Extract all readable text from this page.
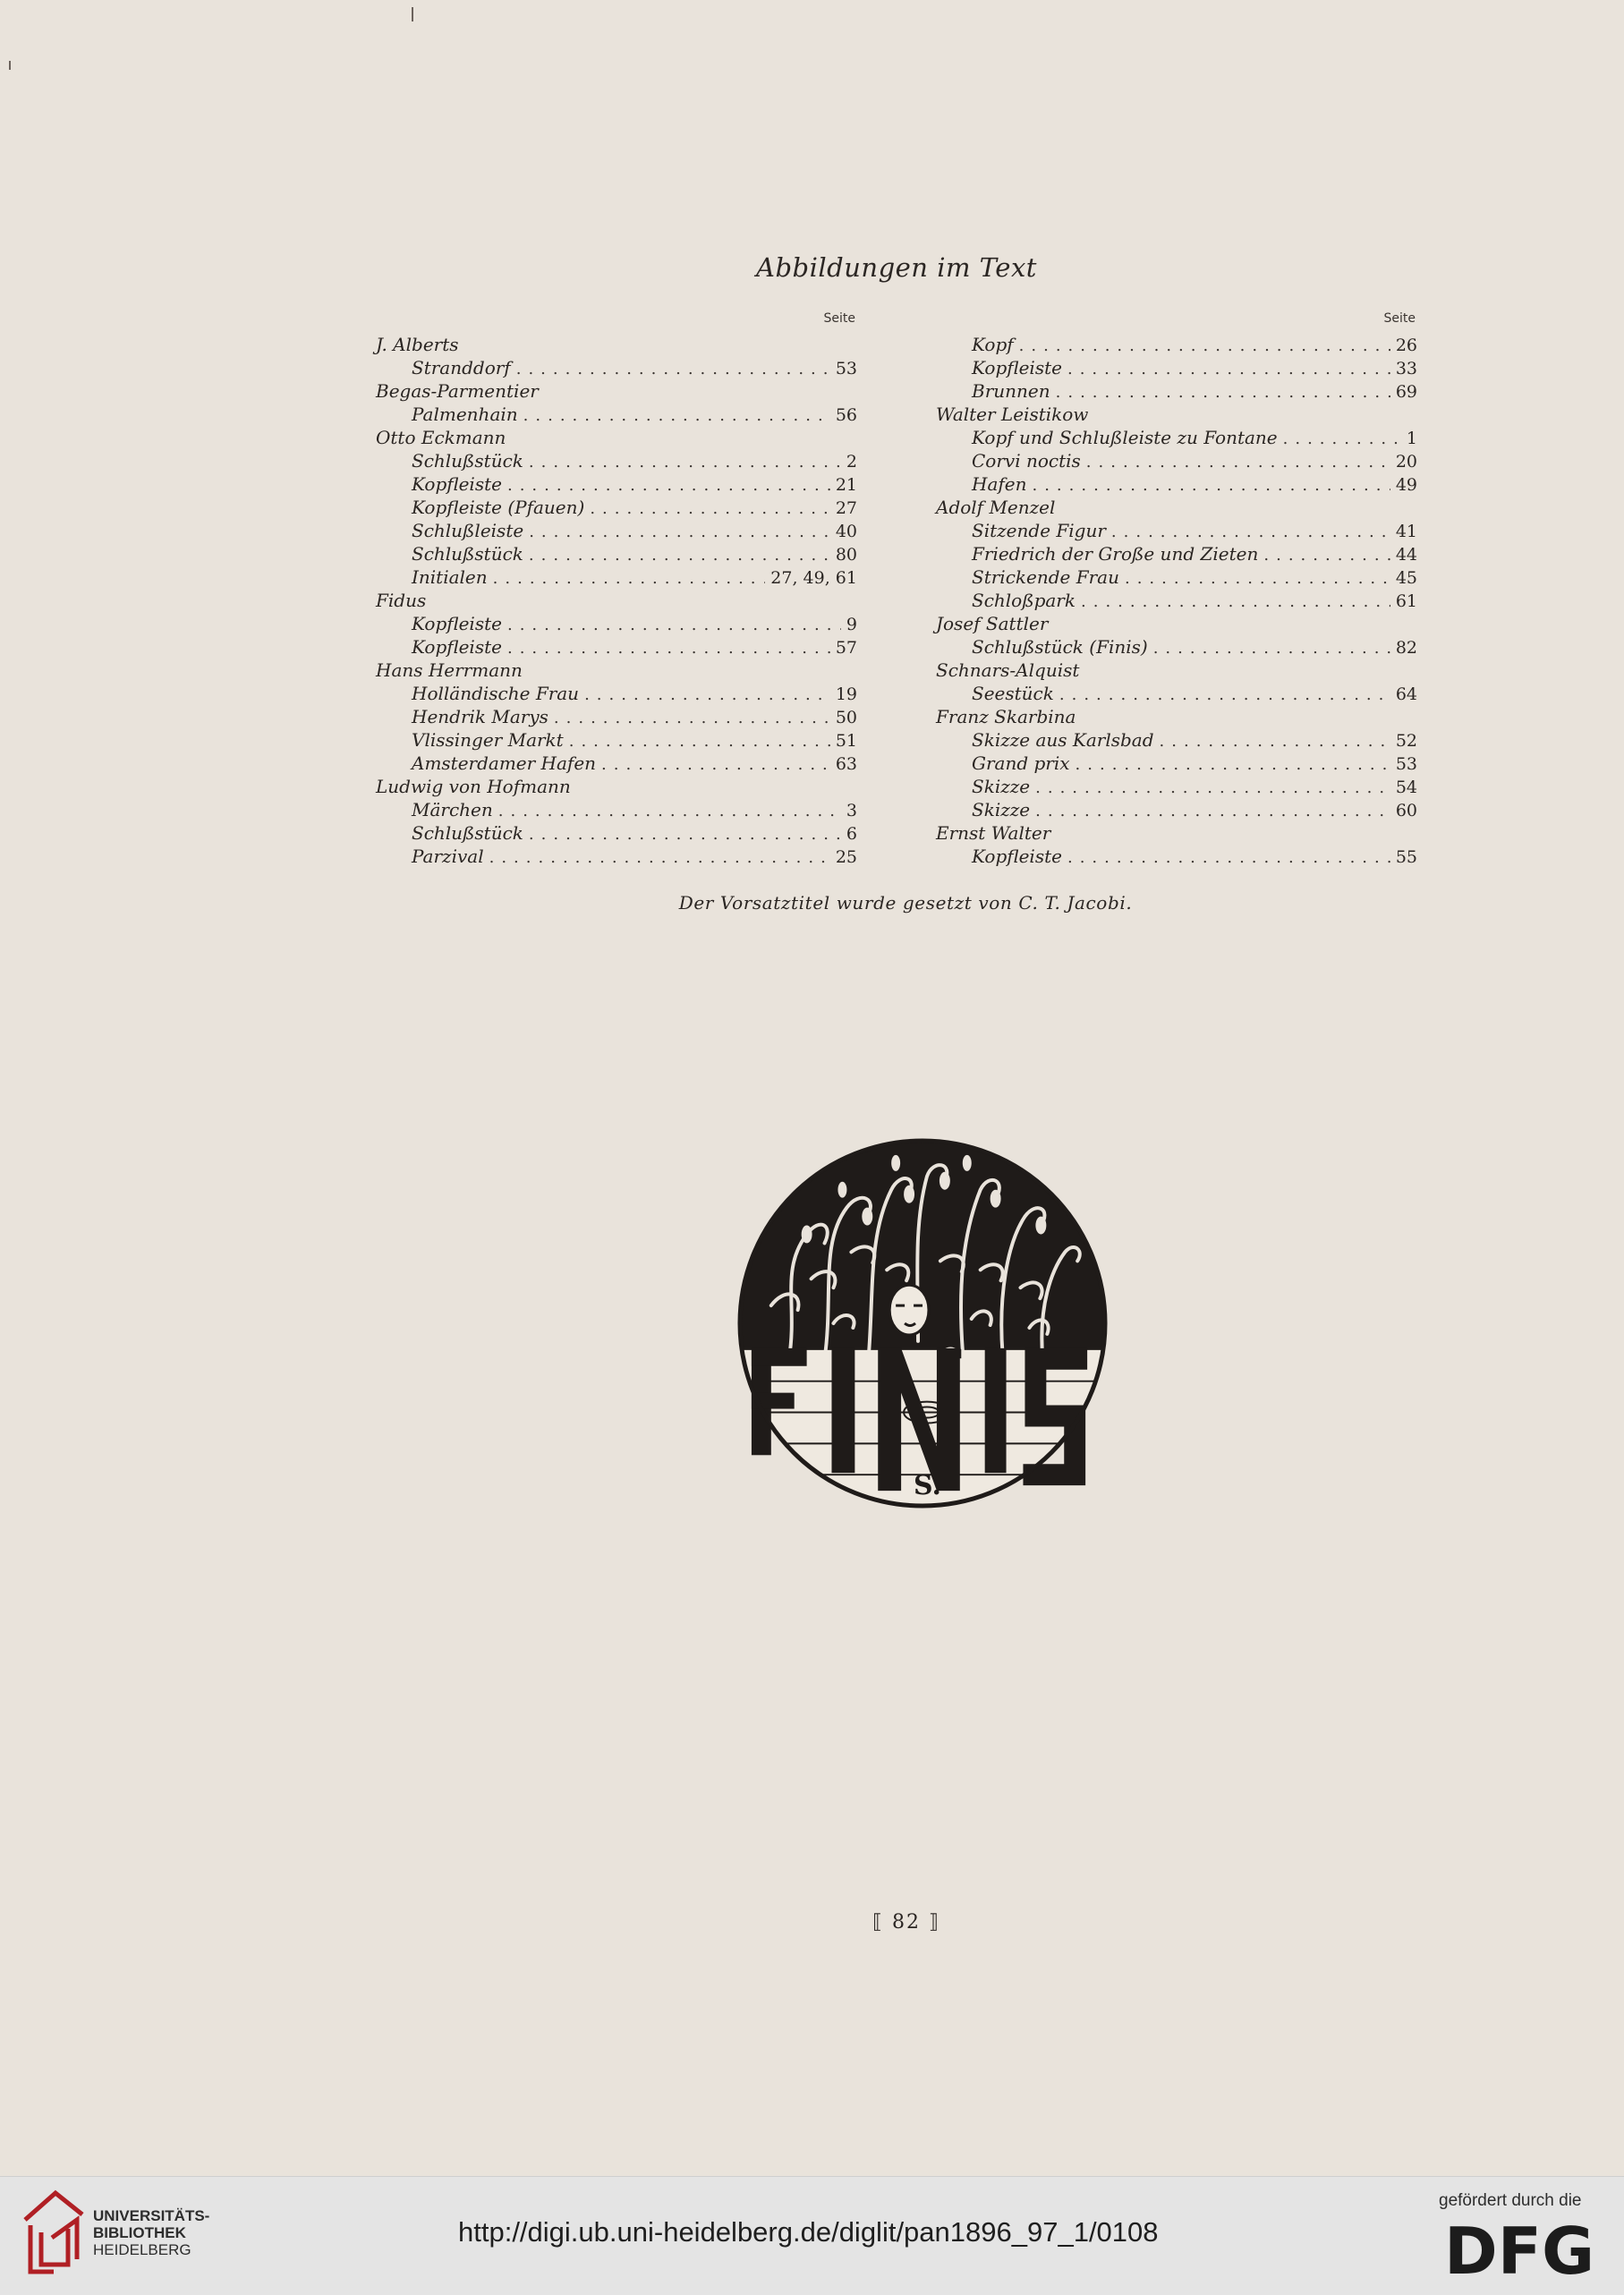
Abbildungen im Text
Seite
J. Alberts
Stranddorf .....	53
Begas-Parmentier
Palmenhain .....	56
Otto Eckmann
Schlußstück .....	2
Kopfleiste .....	21
Kopfleiste (Pfauen) .....	27
Schlußleiste .....	40
Schlußstück .....	80
Initialen .....	27, 49, 61
Fidus
Kopfleiste .....	9
Kopfleiste .....	57
Hans Herrmann
Holländische Frau .....	19
Hendrik Marys .....	50
Vlissinger Markt .....	51
Amsterdamer Hafen .....	63
Ludwig von Hofmann
Märchen .....	3
Schlußstück .....	6
Parzival .....	25
Seite
Kopf .....	26
Kopfleiste .....	33
Brunnen .....	69
Walter Leistikow
Kopf und Schlußleiste zu Fontane .....	1
Corvi noctis .....	20
Hafen .....	49
Adolf Menzel
Sitzende Figur .....	41
Friedrich der Große und Zieten .....	44
Strickende Frau .....	45
Schloßpark .....	61
Josef Sattler
Schlußstück (Finis) .....	82
Schnars-Alquist
Seestück .....	64
Franz Skarbina
Skizze aus Karlsbad .....	52
Grand prix .....	53
Skizze .....	54
Skizze .....	60
Ernst Walter
Kopfleiste .....	55
Der Vorsatztitel wurde gesetzt von C. T. Jacobi.
S.
⟦ 82 ⟧
UNIVERSITÄTS-
BIBLIOTHEK
HEIDELBERG
http://digi.ub.uni-heidelberg.de/diglit/pan1896_97_1/0108
gefördert durch die
DFG
